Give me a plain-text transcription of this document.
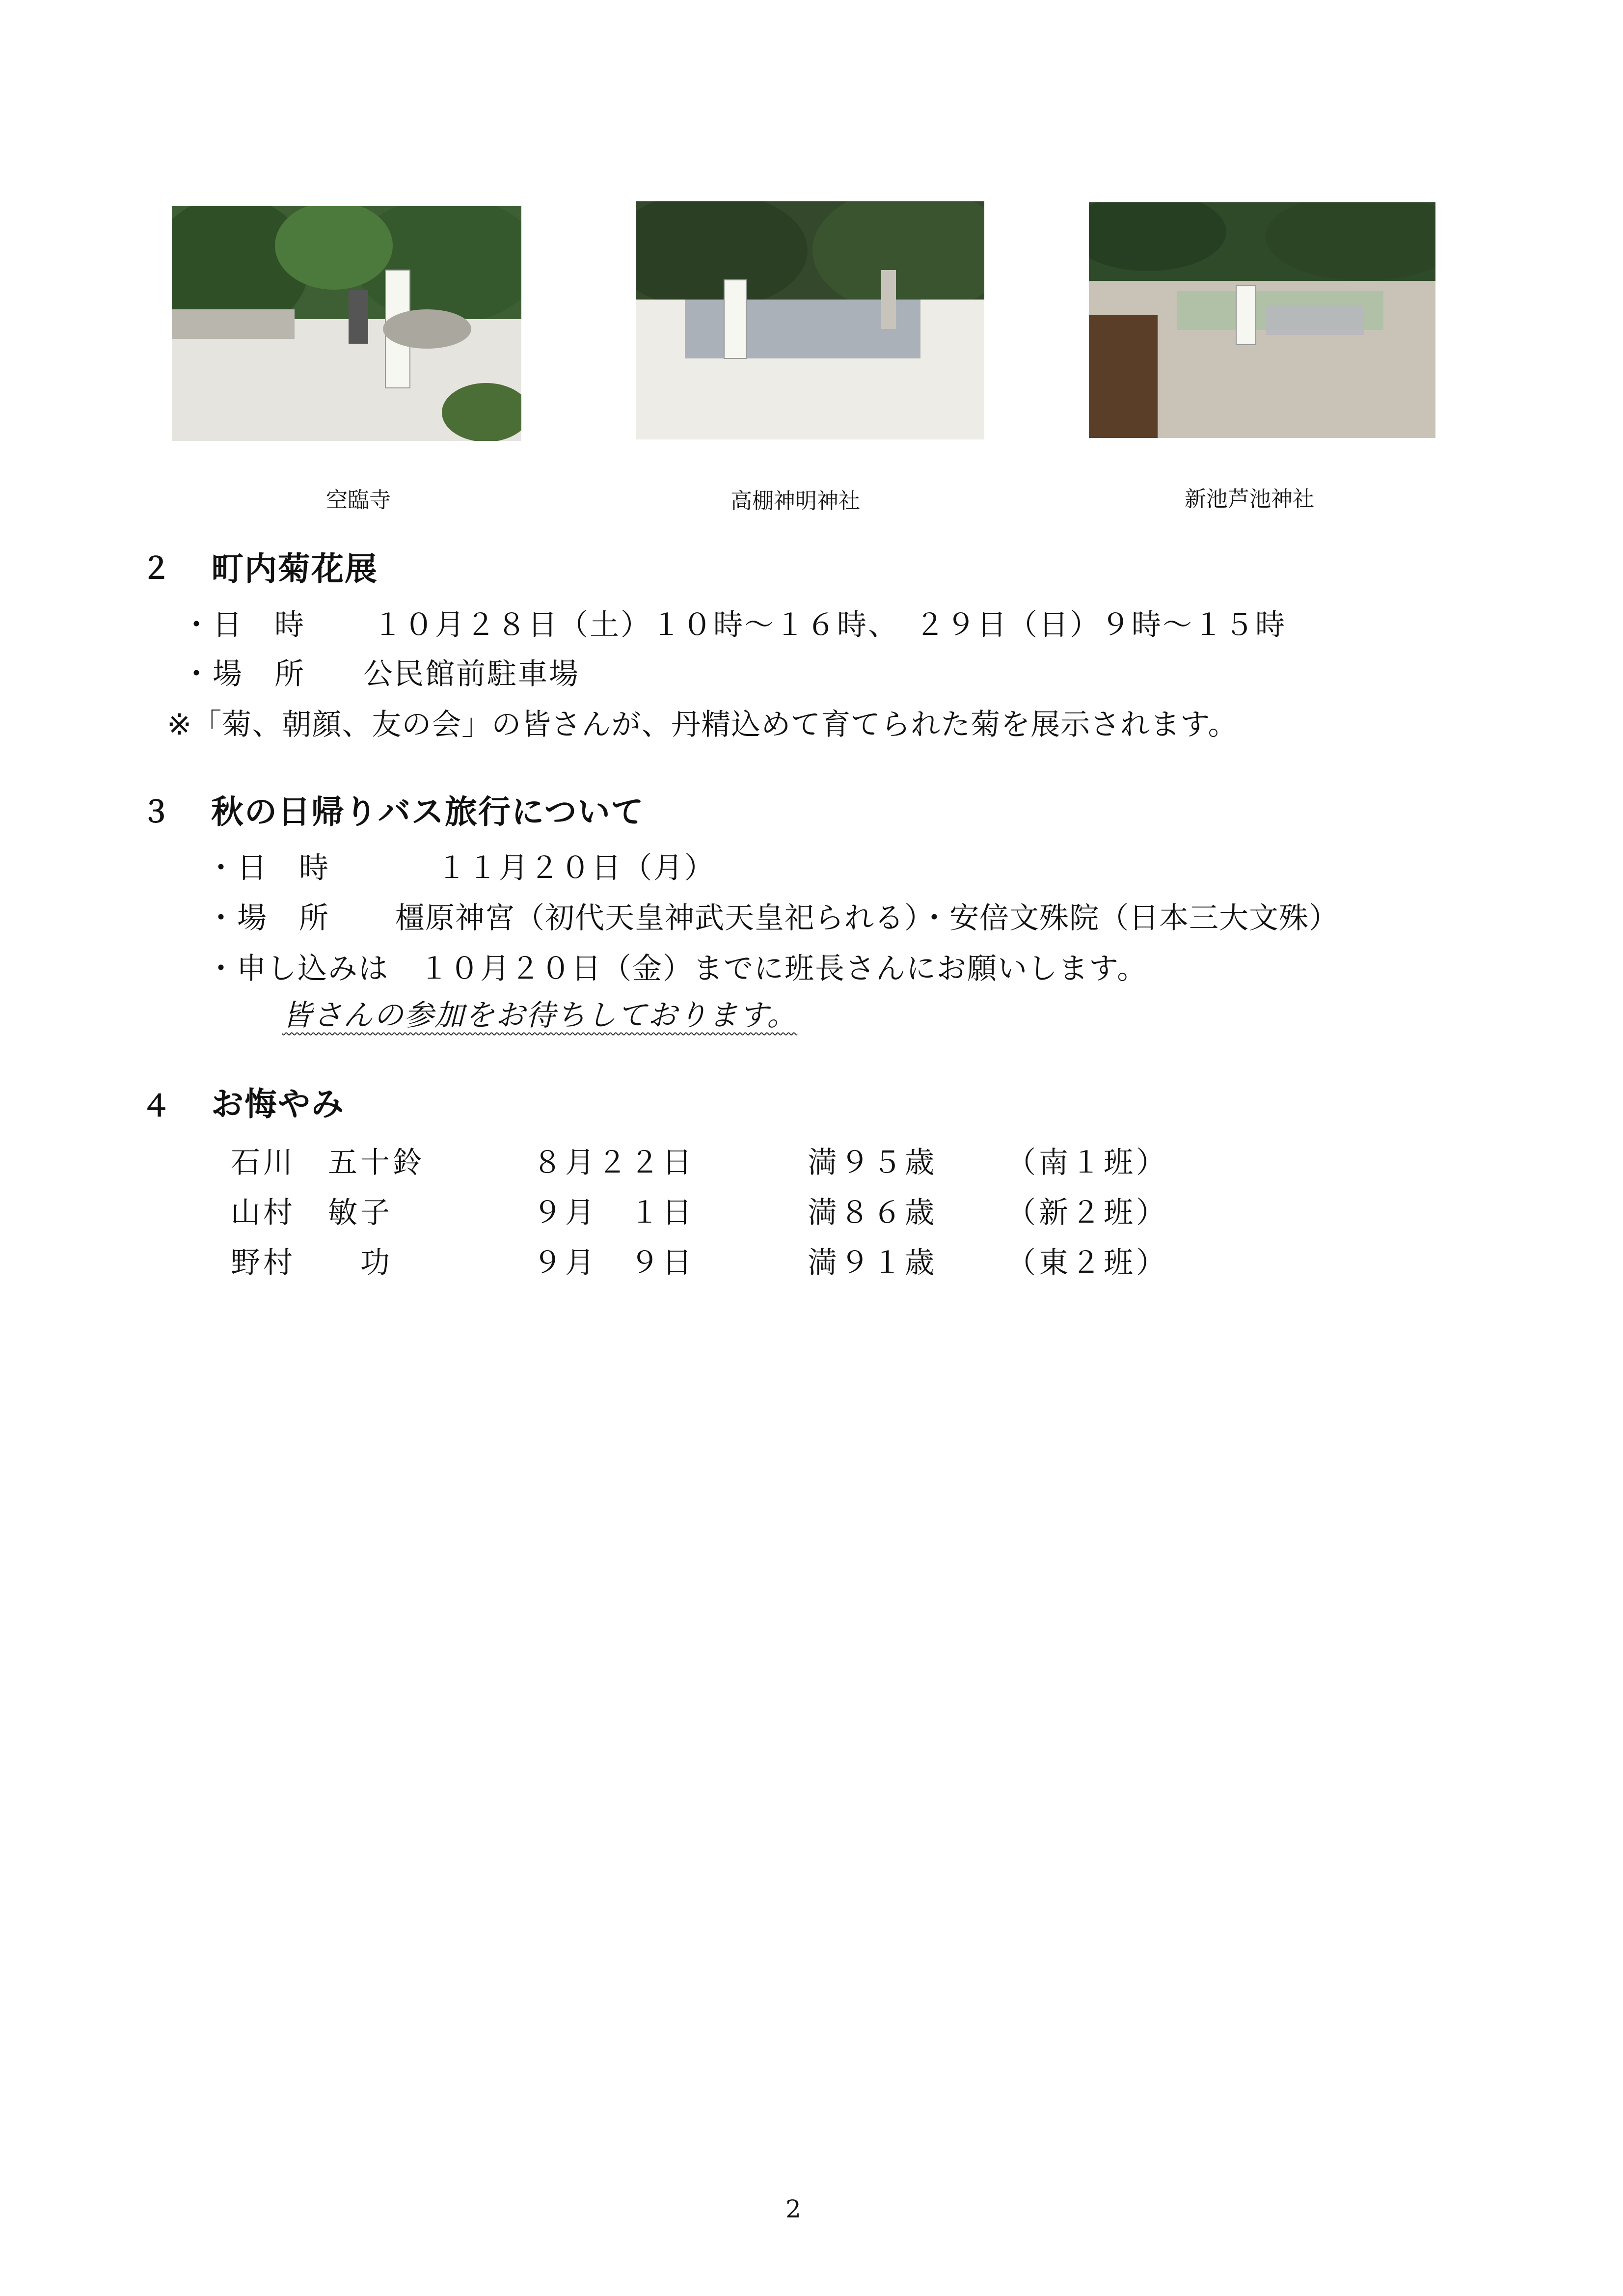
空臨寺	高棚神明神社	新池芦池神社
２ 町内菊花展
・日　時 １０月２８日（土）１０時～１６時、　２９日（日）９時～１５時
・場　所 公民館前駐車場
※「菊、朝顔、友の会」の皆さんが、丹精込めて育てられた菊を展示されます。
３ 秋の日帰りバス旅行について
・日　時	１１月２０日（月）
・場　所 橿原神宮（初代天皇神武天皇祀られる）・安倍文殊院（日本三大文殊）
・申し込みは　１０月２０日（金）までに班長さんにお願いします。
皆さんの参加をお待ちしております。
４ お悔やみ
石川　五十鈴	８月２２日	満９５歳 （南１班）
山村　敏子	９月　１日	満８６歳 （新２班）
野村　　功	９月　９日	満９１歳 （東２班）
2
